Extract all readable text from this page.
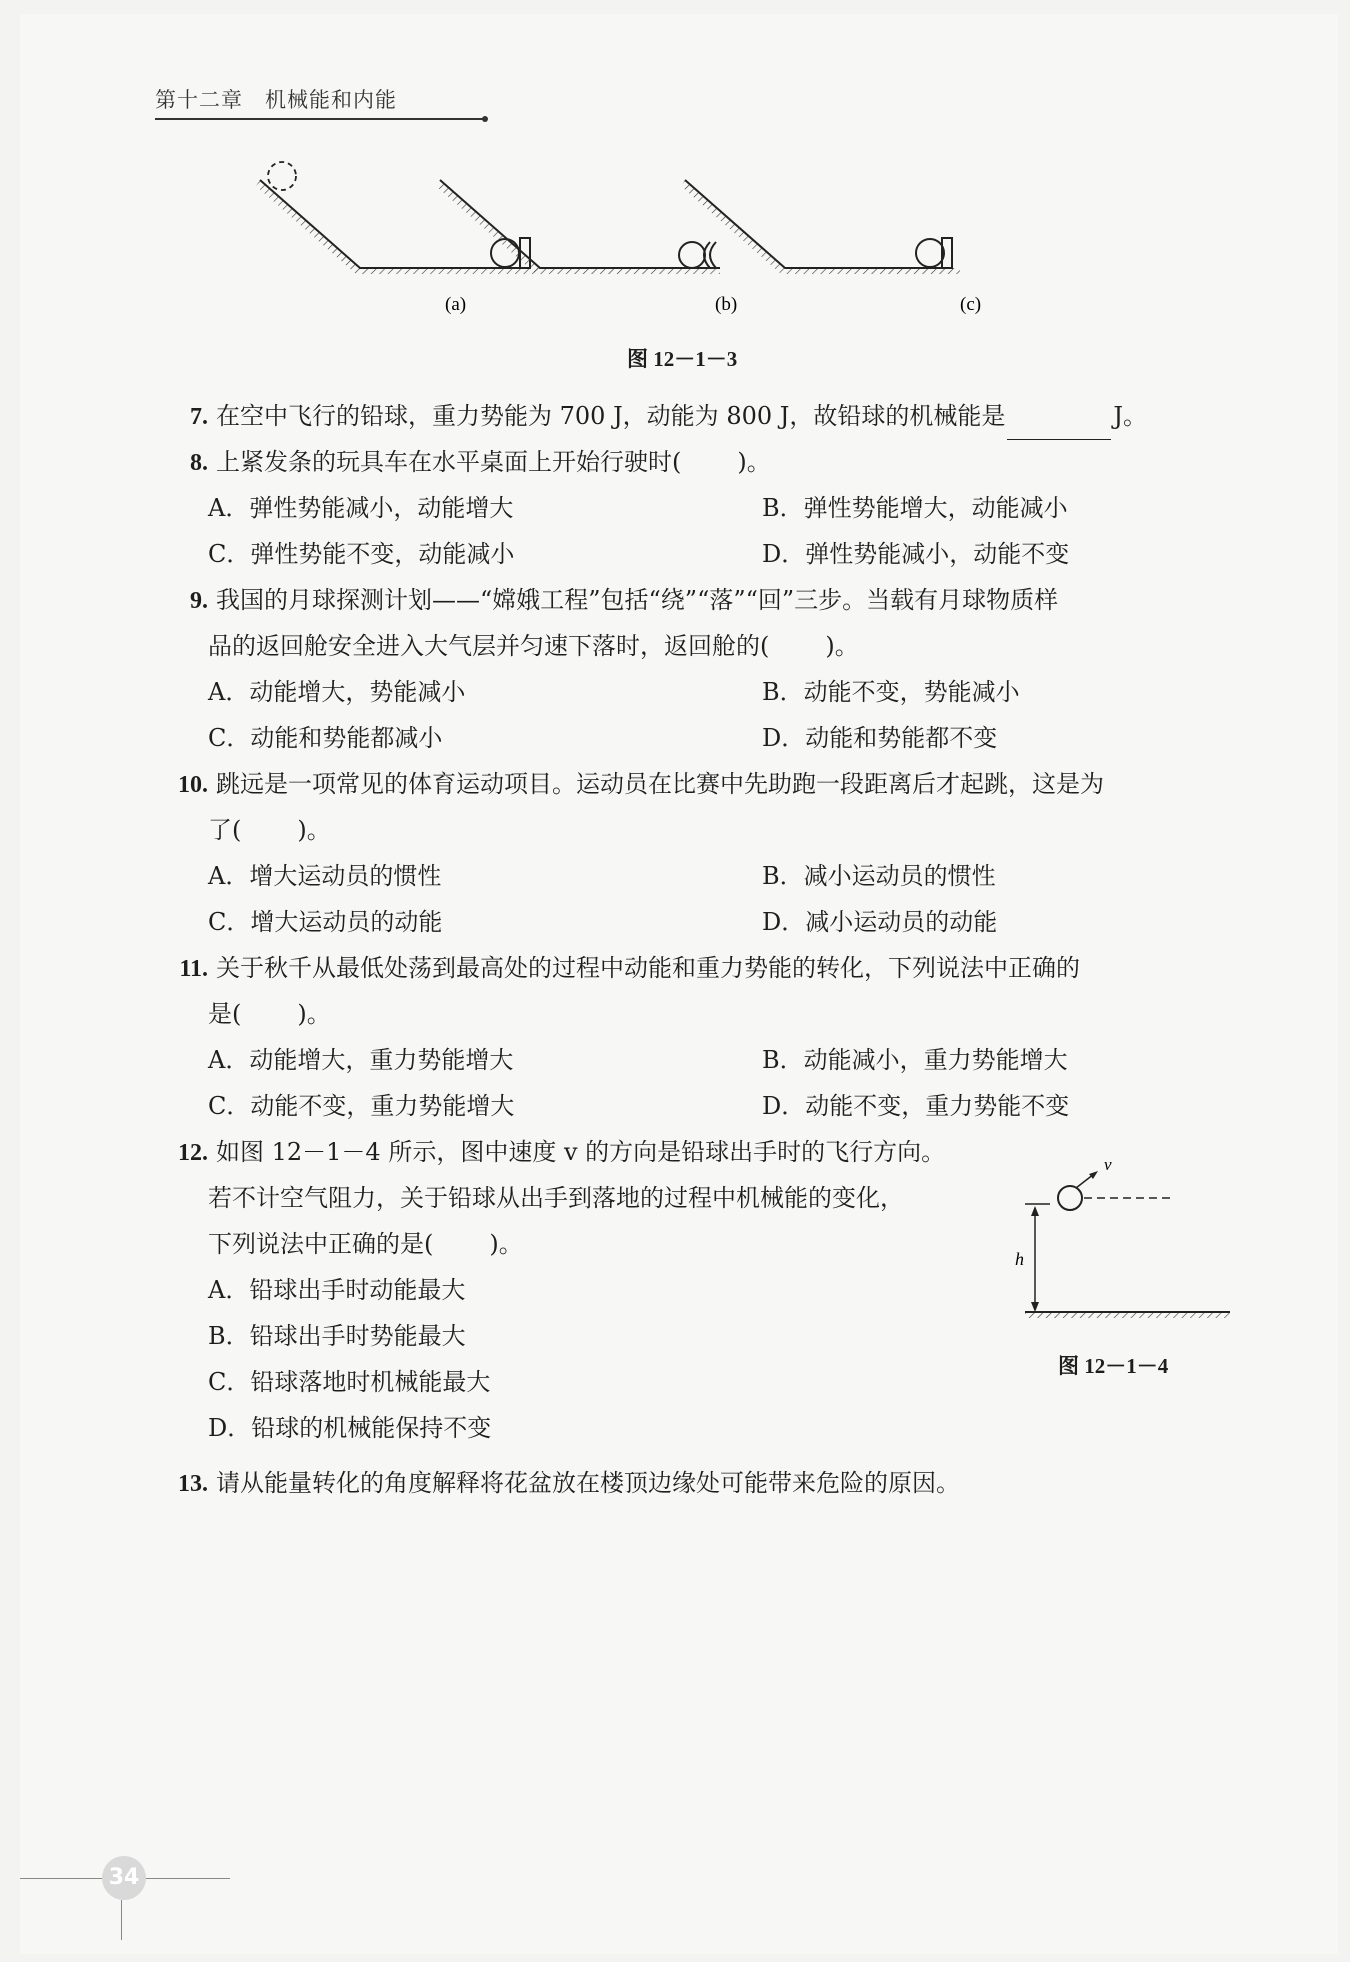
第十二章　机械能和内能
(a)	(b)	(c)
图 12－1－3
7. 在空中飞行的铅球，重力势能为 700 J，动能为 800 J，故铅球的机械能是	J。
8. 上紧发条的玩具车在水平桌面上开始行驶时( )。
A．弹性势能减小，动能增大	B．弹性势能增大，动能减小
C．弹性势能不变，动能减小	D．弹性势能减小，动能不变
9. 我国的月球探测计划——“嫦娥工程”包括“绕”“落”“回”三步。当载有月球物质样
品的返回舱安全进入大气层并匀速下落时，返回舱的( )。
A．动能增大，势能减小	B．动能不变，势能减小
C．动能和势能都减小	D．动能和势能都不变
10. 跳远是一项常见的体育运动项目。运动员在比赛中先助跑一段距离后才起跳，这是为
了( )。
A．增大运动员的惯性	B．减小运动员的惯性
C．增大运动员的动能	D．减小运动员的动能
11. 关于秋千从最低处荡到最高处的过程中动能和重力势能的转化，下列说法中正确的
是( )。
A．动能增大，重力势能增大	B．动能减小，重力势能增大
C．动能不变，重力势能增大	D．动能不变，重力势能不变
12. 如图 12－1－4 所示，图中速度 v 的方向是铅球出手时的飞行方向。
若不计空气阻力，关于铅球从出手到落地的过程中机械能的变化，
下列说法中正确的是( )。
A．铅球出手时动能最大
B．铅球出手时势能最大
C．铅球落地时机械能最大
D．铅球的机械能保持不变
v
h
图 12－1－4
13. 请从能量转化的角度解释将花盆放在楼顶边缘处可能带来危险的原因。
34
